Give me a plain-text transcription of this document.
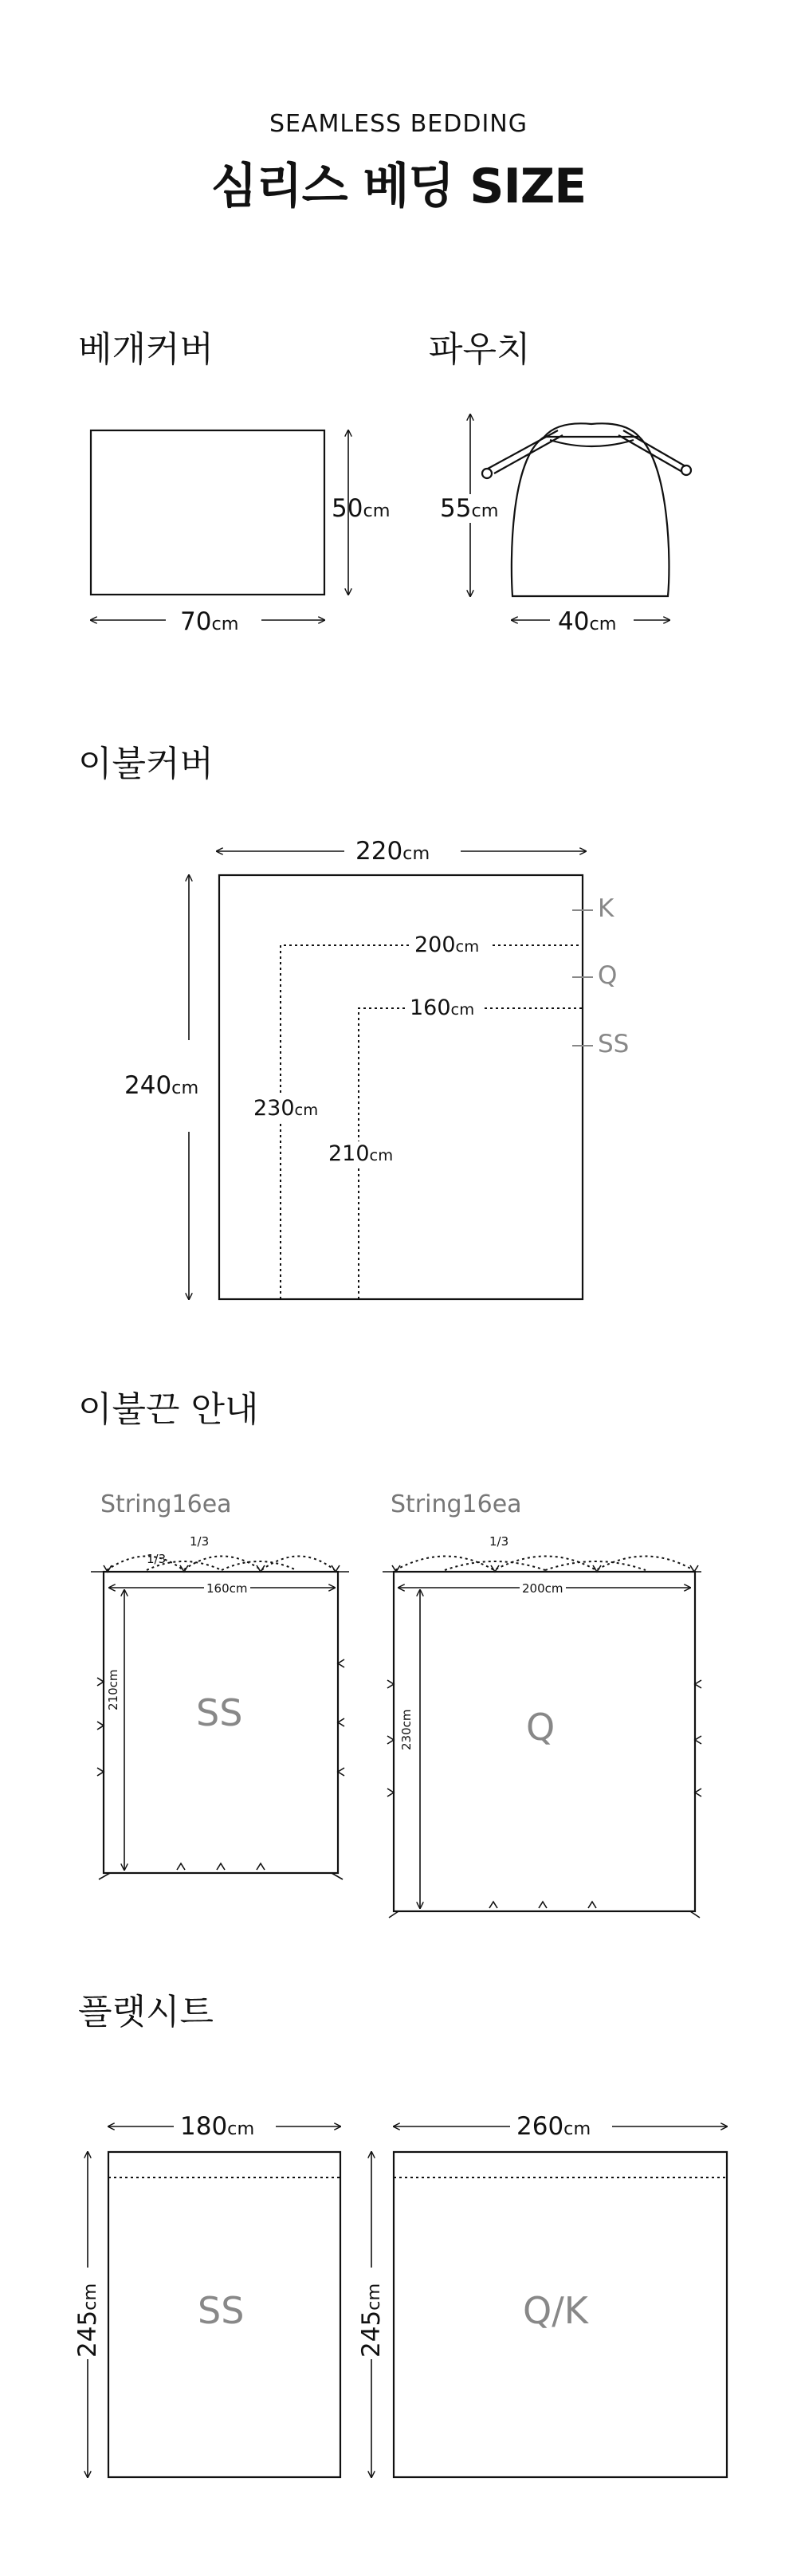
SEAMLESS BEDDING
심리스 베딩 SIZE
베개커버
50cm
70cm
파우치
55cm
40cm
이불커버
220cm
240cm
200cm
160cm
230cm
210cm
K
Q
SS
이불끈 안내
String16ea
1/3
1/3
160cm
210cm
SS
String16ea
1/3
200cm
230cm	Q
플랫시트
180cm
245cm	SS
260cm
245cm	Q/K
